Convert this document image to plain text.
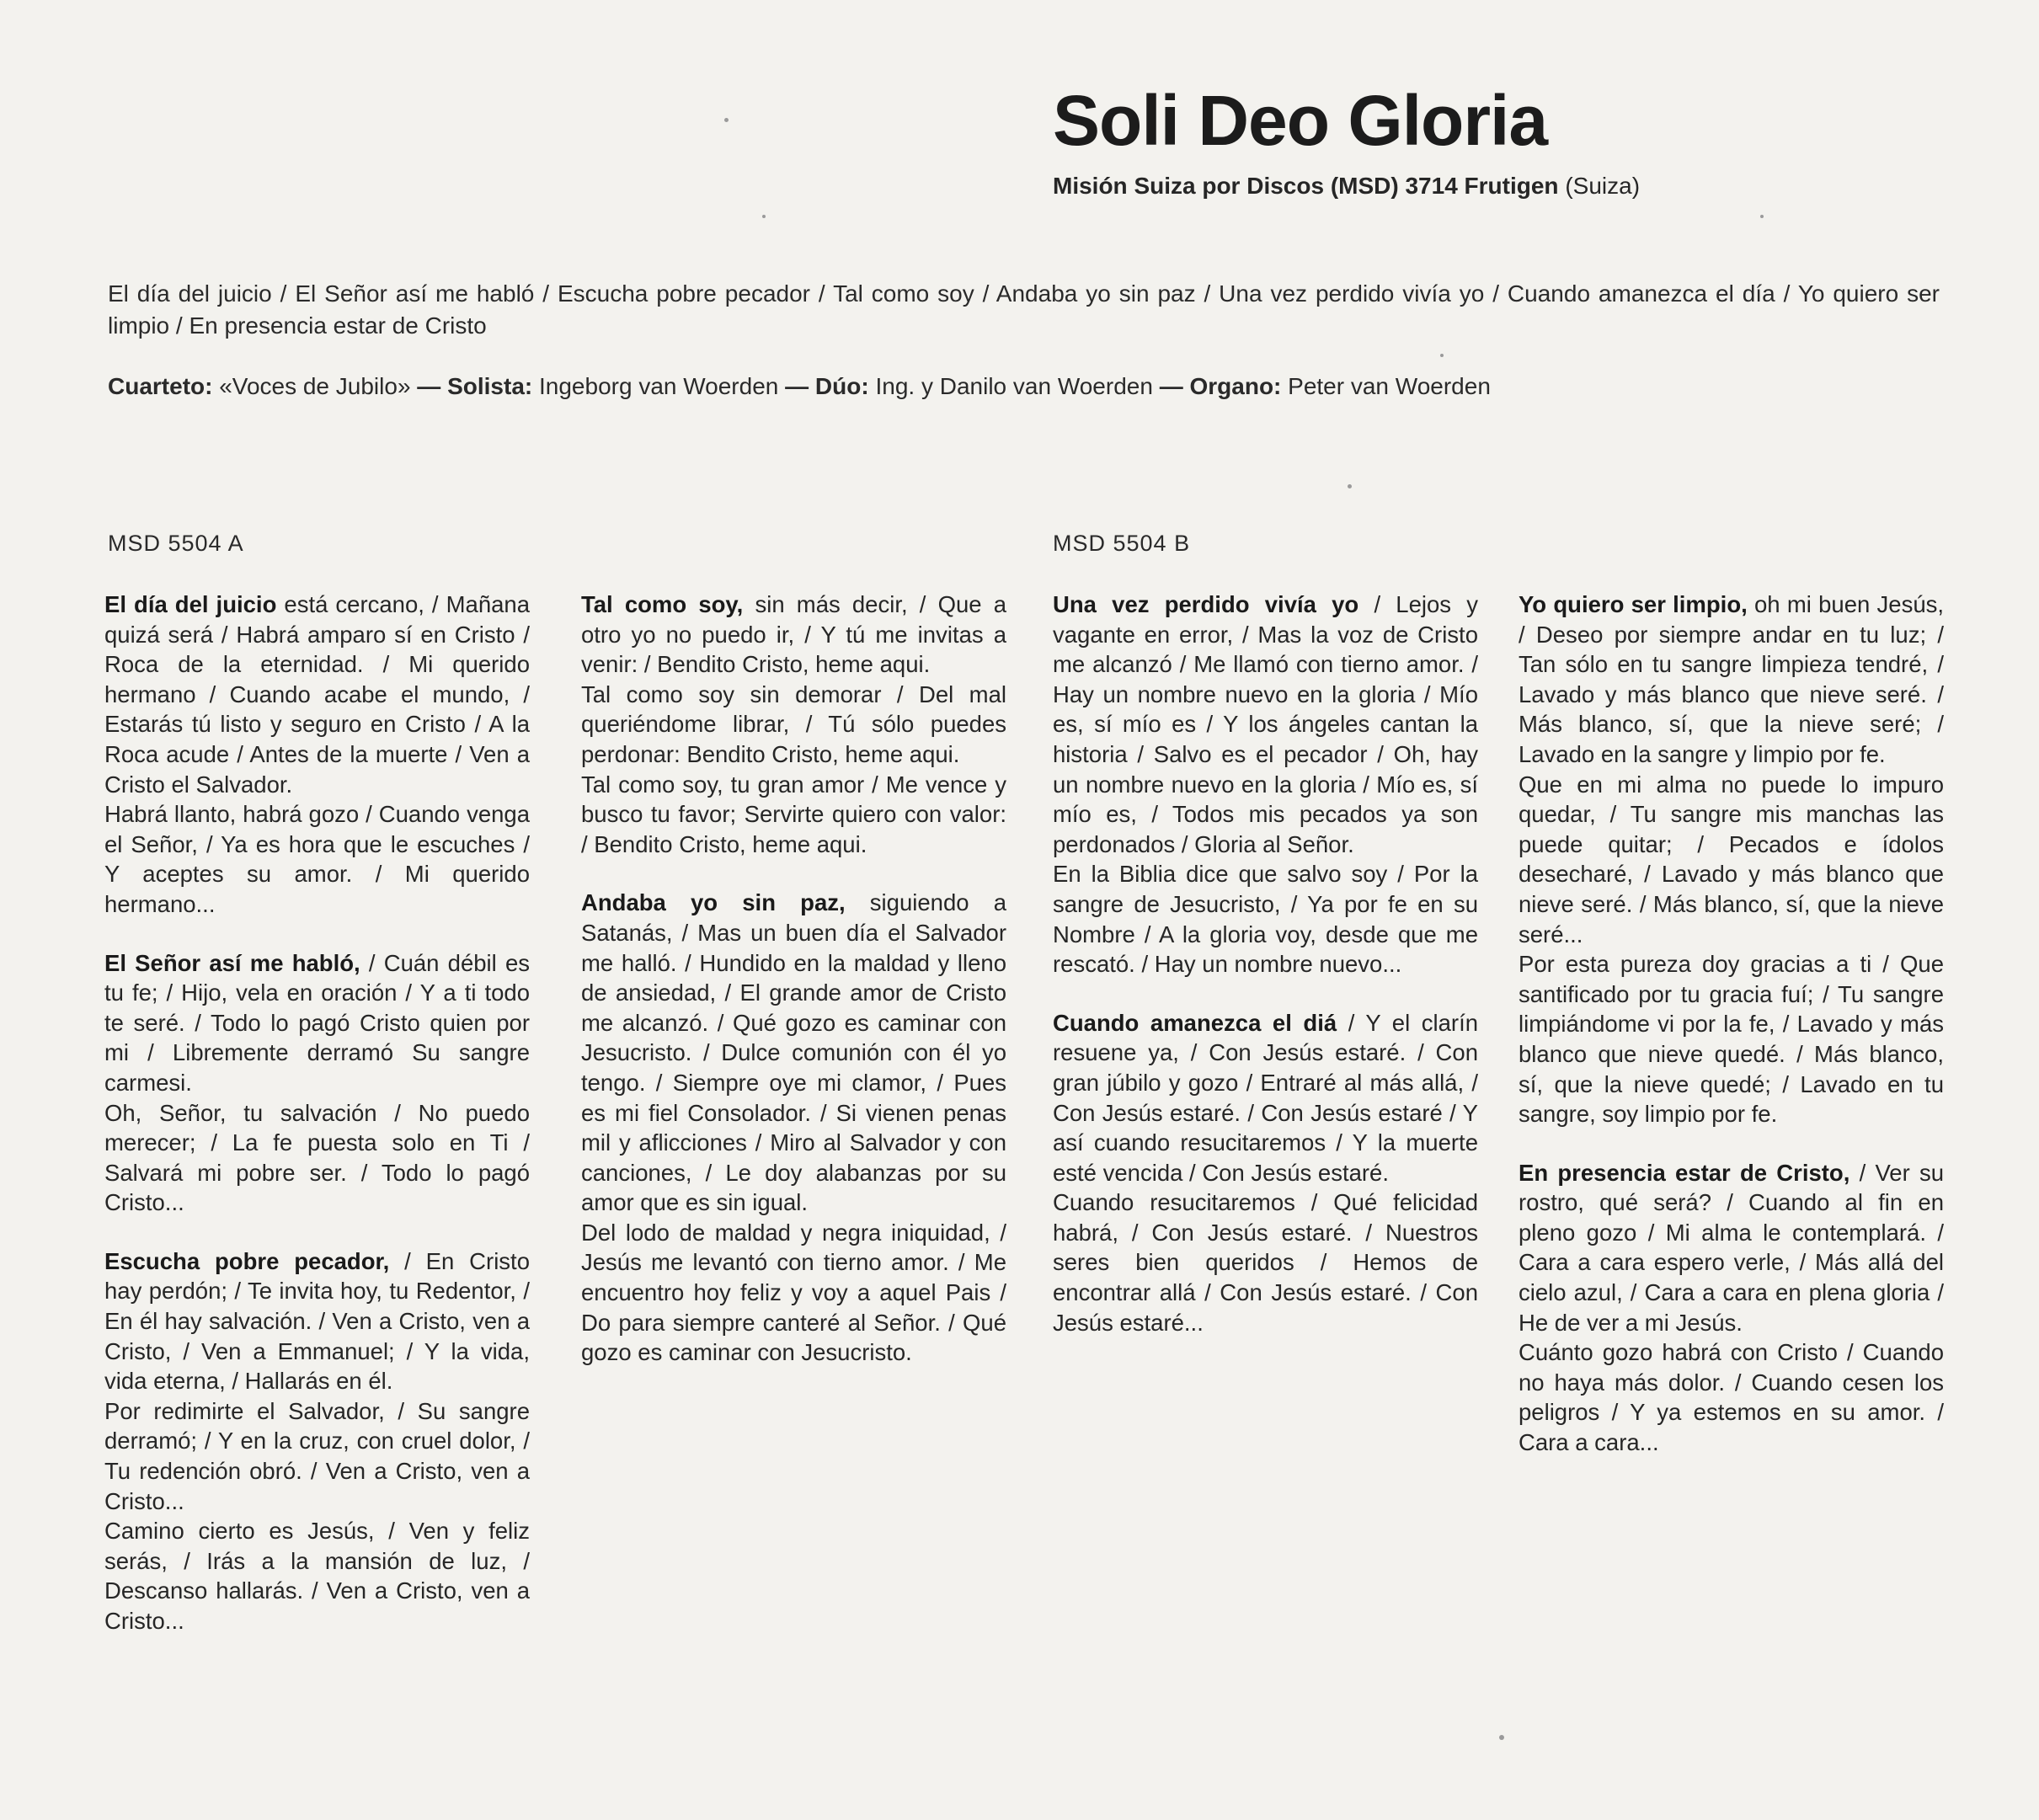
Soli Deo Gloria
Misión Suiza por Discos (MSD) 3714 Frutigen (Suiza)

El día del juicio / El Señor así me habló / Escucha pobre pecador / Tal como soy / Andaba yo sin paz / Una vez perdido vivía yo / Cuando amanezca el día / Yo quiero ser limpio / En presencia estar de Cristo

Cuarteto: «Voces de Jubilo» — Solista: Ingeborg van Woerden — Dúo: Ing. y Danilo van Woerden — Organo: Peter van Woerden

MSD 5504 A	MSD 5504 B

El día del juicio está cercano, / Mañana quizá será / Habrá amparo sí en Cristo / Roca de la eternidad. / Mi querido hermano / Cuando acabe el mundo, / Estarás tú listo y seguro en Cristo / A la Roca acude / Antes de la muerte / Ven a Cristo el Salvador.

Habrá llanto, habrá gozo / Cuando venga el Señor, / Ya es hora que le escuches / Y aceptes su amor. / Mi querido hermano...

El Señor así me habló, / Cuán débil es tu fe; / Hijo, vela en oración / Y a ti todo te seré. / Todo lo pagó Cristo quien por mi / Libremente derramó Su sangre carmesi.

Oh, Señor, tu salvación / No puedo merecer; / La fe puesta solo en Ti / Salvará mi pobre ser. / Todo lo pagó Cristo...

Escucha pobre pecador, / En Cristo hay perdón; / Te invita hoy, tu Redentor, / En él hay salvación. / Ven a Cristo, ven a Cristo, / Ven a Emmanuel; / Y la vida, vida eterna, / Hallarás en él.

Por redimirte el Salvador, / Su sangre derramó; / Y en la cruz, con cruel dolor, / Tu redención obró. / Ven a Cristo, ven a Cristo...

Camino cierto es Jesús, / Ven y feliz serás, / Irás a la mansión de luz, / Descanso hallarás. / Ven a Cristo, ven a Cristo...

Tal como soy, sin más decir, / Que a otro yo no puedo ir, / Y tú me invitas a venir: / Bendito Cristo, heme aqui.

Tal como soy sin demorar / Del mal queriéndome librar, / Tú sólo puedes perdonar: Bendito Cristo, heme aqui.

Tal como soy, tu gran amor / Me vence y busco tu favor; Servirte quiero con valor: / Bendito Cristo, heme aqui.

Andaba yo sin paz, siguiendo a Satanás, / Mas un buen día el Salvador me halló. / Hundido en la maldad y lleno de ansiedad, / El grande amor de Cristo me alcanzó. / Qué gozo es caminar con Jesucristo. / Dulce comunión con él yo tengo. / Siempre oye mi clamor, / Pues es mi fiel Consolador. / Si vienen penas mil y aflicciones / Miro al Salvador y con canciones, / Le doy alabanzas por su amor que es sin igual.

Del lodo de maldad y negra iniquidad, / Jesús me levantó con tierno amor. / Me encuentro hoy feliz y voy a aquel Pais / Do para siempre canteré al Señor. / Qué gozo es caminar con Jesucristo.

Una vez perdido vivía yo / Lejos y vagante en error, / Mas la voz de Cristo me alcanzó / Me llamó con tierno amor. / Hay un nombre nuevo en la gloria / Mío es, sí mío es / Y los ángeles cantan la historia / Salvo es el pecador / Oh, hay un nombre nuevo en la gloria / Mío es, sí mío es, / Todos mis pecados ya son perdonados / Gloria al Señor.

En la Biblia dice que salvo soy / Por la sangre de Jesucristo, / Ya por fe en su Nombre / A la gloria voy, desde que me rescató. / Hay un nombre nuevo...

Cuando amanezca el diá / Y el clarín resuene ya, / Con Jesús estaré. / Con gran júbilo y gozo / Entraré al más allá, / Con Jesús estaré. / Con Jesús estaré / Y así cuando resucitaremos / Y la muerte esté vencida / Con Jesús estaré.

Cuando resucitaremos / Qué felicidad habrá, / Con Jesús estaré. / Nuestros seres bien queridos / Hemos de encontrar allá / Con Jesús estaré. / Con Jesús estaré...

Yo quiero ser limpio, oh mi buen Jesús, / Deseo por siempre andar en tu luz; / Tan sólo en tu sangre limpieza tendré, / Lavado y más blanco que nieve seré. / Más blanco, sí, que la nieve seré; / Lavado en la sangre y limpio por fe.

Que en mi alma no puede lo impuro quedar, / Tu sangre mis manchas las puede quitar; / Pecados e ídolos desecharé, / Lavado y más blanco que nieve seré. / Más blanco, sí, que la nieve seré...

Por esta pureza doy gracias a ti / Que santificado por tu gracia fuí; / Tu sangre limpiándome vi por la fe, / Lavado y más blanco que nieve quedé. / Más blanco, sí, que la nieve quedé; / Lavado en tu sangre, soy limpio por fe.

En presencia estar de Cristo, / Ver su rostro, qué será? / Cuando al fin en pleno gozo / Mi alma le contemplará. / Cara a cara espero verle, / Más allá del cielo azul, / Cara a cara en plena gloria / He de ver a mi Jesús.

Cuánto gozo habrá con Cristo / Cuando no haya más dolor. / Cuando cesen los peligros / Y ya estemos en su amor. / Cara a cara...
